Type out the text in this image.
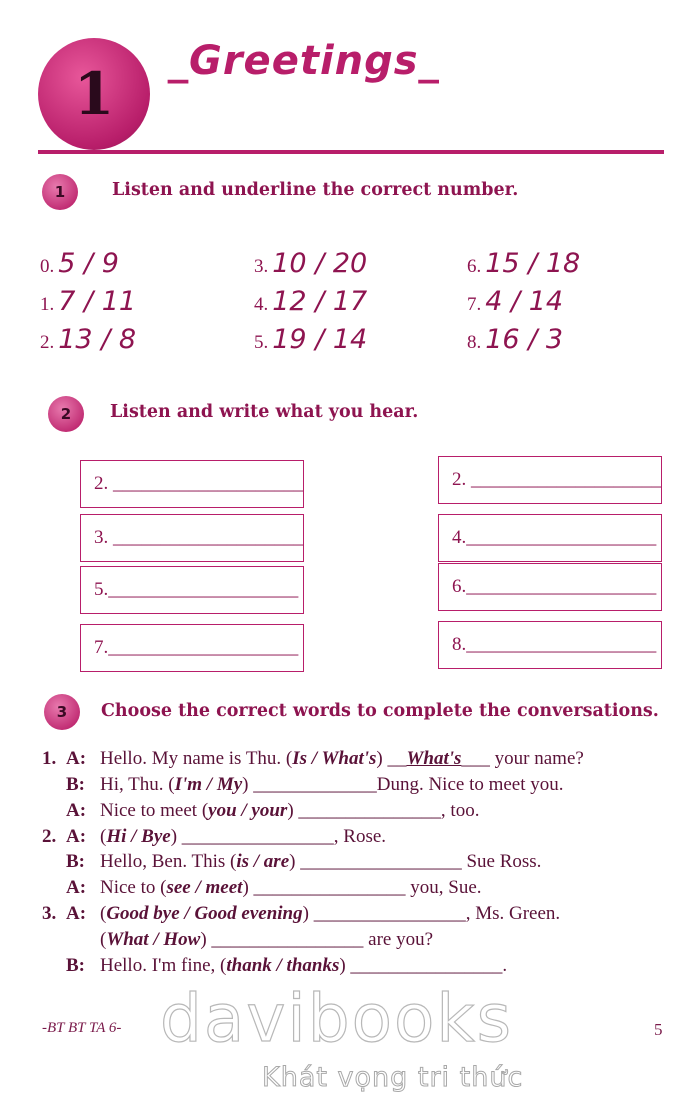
1 _Greetings_
1	Listen and underline the correct number.
0. 5 / 9
1. 7 / 11
2. 13 / 8
3. 10 / 20
4. 12 / 17
5. 19 / 14
6. 15 / 18
7. 4 / 14
8. 16 / 3
2 Listen and write what you hear.
2. ____________________
3. ____________________
5.____________________
7.____________________
2. ____________________
4.____________________
6.____________________
8.____________________
3 Choose the correct words to complete the conversations.
1. A: Hello. My name is Thu. (Is / What's) __What's___ your name?
B: Hi, Thu. (I'm / My) _____________Dung. Nice to meet you.
A: Nice to meet (you / your) _______________, too.
2. A: (Hi / Bye) ________________, Rose.
B: Hello, Ben. This (is / are) _________________ Sue Ross.
A: Nice to (see / meet) ________________ you, Sue.
3. A: (Good bye / Good evening) ________________, Ms. Green.
(What / How) ________________ are you?
B: Hello. I'm fine, (thank / thanks) ________________.
davibooks
Khát vọng tri thức
-BT BT TA 6-	5
